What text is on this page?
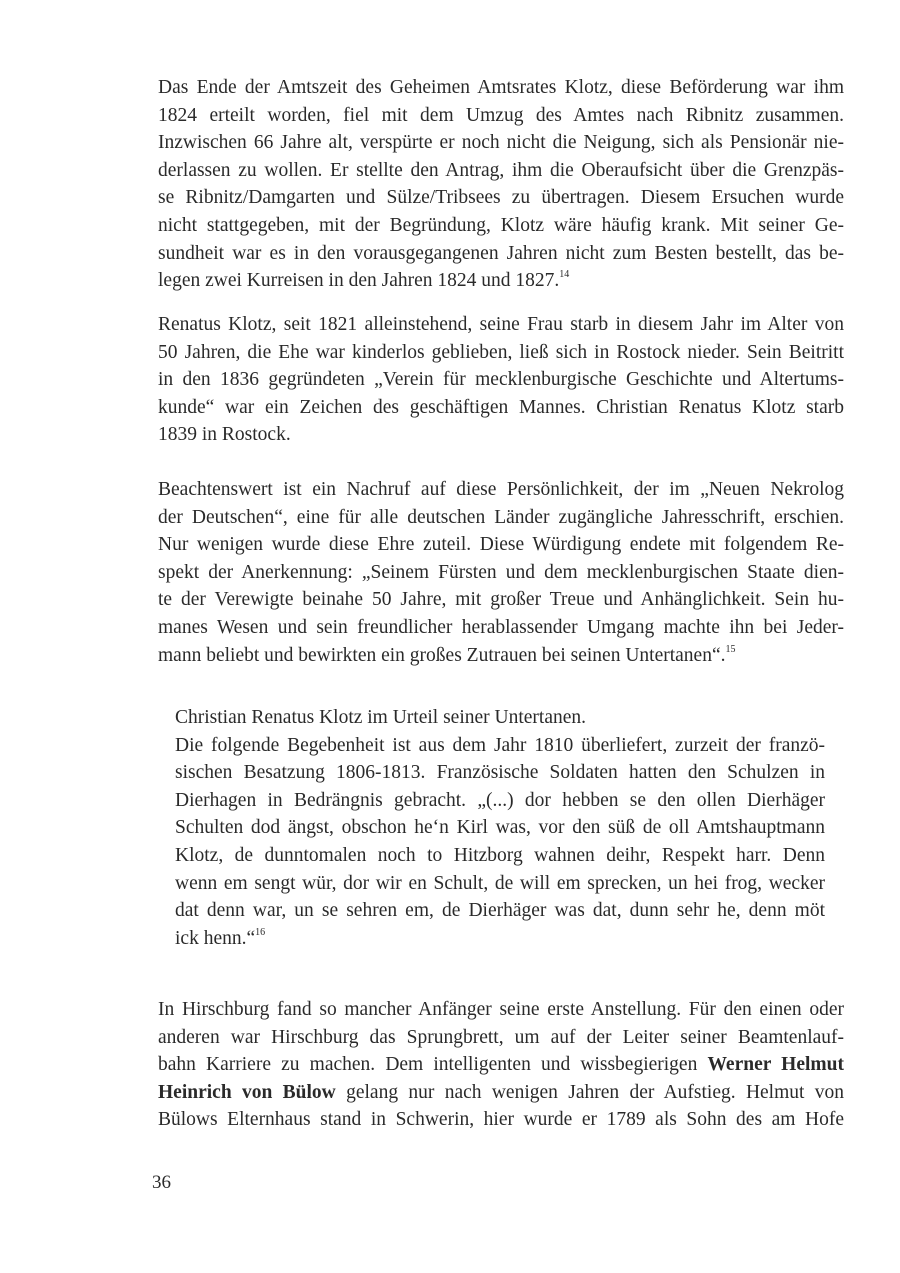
Das Ende der Amtszeit des Geheimen Amtsrates Klotz, diese Beförderung war ihm
1824 erteilt worden, fiel mit dem Umzug des Amtes nach Ribnitz zusammen.
Inzwischen 66 Jahre alt, verspürte er noch nicht die Neigung, sich als Pensionär nie-
derlassen zu wollen. Er stellte den Antrag, ihm die Oberaufsicht über die Grenzpäs-
se Ribnitz/Damgarten und Sülze/Tribsees zu übertragen. Diesem Ersuchen wurde
nicht stattgegeben, mit der Begründung, Klotz wäre häufig krank. Mit seiner Ge-
sundheit war es in den vorausgegangenen Jahren nicht zum Besten bestellt, das be-
legen zwei Kurreisen in den Jahren 1824 und 1827.14
Renatus Klotz, seit 1821 alleinstehend, seine Frau starb in diesem Jahr im Alter von
50 Jahren, die Ehe war kinderlos geblieben, ließ sich in Rostock nieder. Sein Beitritt
in den 1836 gegründeten „Verein für mecklenburgische Geschichte und Altertums-
kunde“ war ein Zeichen des geschäftigen Mannes. Christian Renatus Klotz starb
1839 in Rostock.
Beachtenswert ist ein Nachruf auf diese Persönlichkeit, der im „Neuen Nekrolog
der Deutschen“, eine für alle deutschen Länder zugängliche Jahresschrift, erschien.
Nur wenigen wurde diese Ehre zuteil. Diese Würdigung endete mit folgendem Re-
spekt der Anerkennung: „Seinem Fürsten und dem mecklenburgischen Staate dien-
te der Verewigte beinahe 50 Jahre, mit großer Treue und Anhänglichkeit. Sein hu-
manes Wesen und sein freundlicher herablassender Umgang machte ihn bei Jeder-
mann beliebt und bewirkten ein großes Zutrauen bei seinen Untertanen“.$^{15}$
Christian Renatus Klotz im Urteil seiner Untertanen.
Die folgende Begebenheit ist aus dem Jahr 1810 überliefert, zurzeit der franzö-
sischen Besatzung 1806-1813. Französische Soldaten hatten den Schulzen in
Dierhagen in Bedrängnis gebracht. „(...) dor hebben se den ollen Dierhäger
Schulten dod ängst, obschon he‘n Kirl was, vor den süß de oll Amtshauptmann
Klotz, de dunntomalen noch to Hitzborg wahnen deihr, Respekt harr. Denn
wenn em sengt wür, dor wir en Schult, de will em sprecken, un hei frog, wecker
dat denn war, un se sehren em, de Dierhäger was dat, dunn sehr he, denn möt
ick henn.“$^{16}$
In Hirschburg fand so mancher Anfänger seine erste Anstellung. Für den einen oder
anderen war Hirschburg das Sprungbrett, um auf der Leiter seiner Beamtenlauf-
bahn Karriere zu machen. Dem intelligenten und wissbegierigen Werner Helmut
Heinrich von Bülow gelang nur nach wenigen Jahren der Aufstieg. Helmut von
Bülows Elternhaus stand in Schwerin, hier wurde er 1789 als Sohn des am Hofe
36
